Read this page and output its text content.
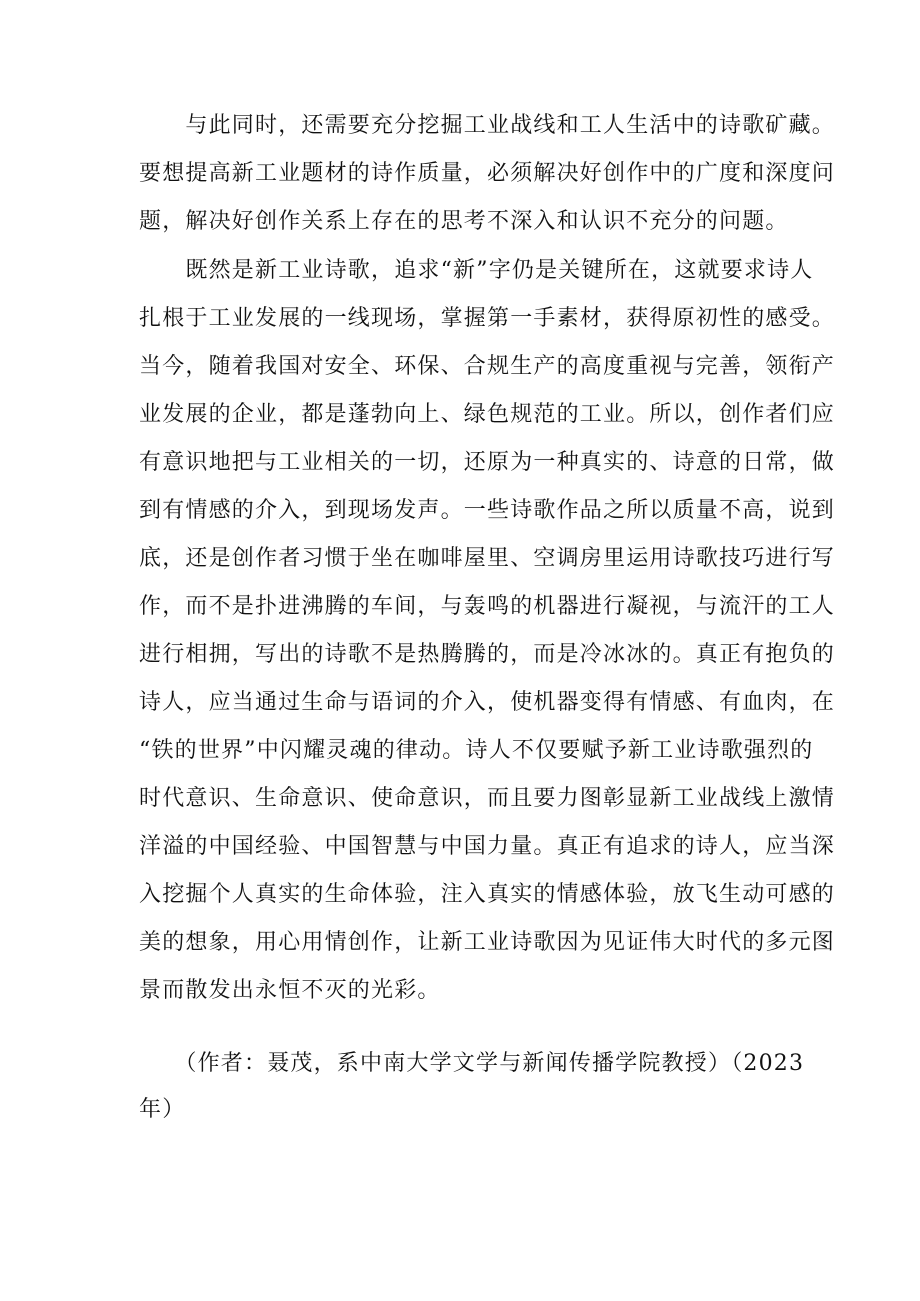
　　与此同时，还需要充分挖掘工业战线和工人生活中的诗歌矿藏。
要想提高新工业题材的诗作质量，必须解决好创作中的广度和深度问
题，解决好创作关系上存在的思考不深入和认识不充分的问题。
　　既然是新工业诗歌，追求“新”字仍是关键所在，这就要求诗人
扎根于工业发展的一线现场，掌握第一手素材，获得原初性的感受。
当今，随着我国对安全、环保、合规生产的高度重视与完善，领衔产
业发展的企业，都是蓬勃向上、绿色规范的工业。所以，创作者们应
有意识地把与工业相关的一切，还原为一种真实的、诗意的日常，做
到有情感的介入，到现场发声。一些诗歌作品之所以质量不高，说到
底，还是创作者习惯于坐在咖啡屋里、空调房里运用诗歌技巧进行写
作，而不是扑进沸腾的车间，与轰鸣的机器进行凝视，与流汗的工人
进行相拥，写出的诗歌不是热腾腾的，而是冷冰冰的。真正有抱负的
诗人，应当通过生命与语词的介入，使机器变得有情感、有血肉，在
“铁的世界”中闪耀灵魂的律动。诗人不仅要赋予新工业诗歌强烈的
时代意识、生命意识、使命意识，而且要力图彰显新工业战线上激情
洋溢的中国经验、中国智慧与中国力量。真正有追求的诗人，应当深
入挖掘个人真实的生命体验，注入真实的情感体验，放飞生动可感的
美的想象，用心用情创作，让新工业诗歌因为见证伟大时代的多元图
景而散发出永恒不灭的光彩。
　　（作者：聂茂，系中南大学文学与新闻传播学院教授）（2023
年）
